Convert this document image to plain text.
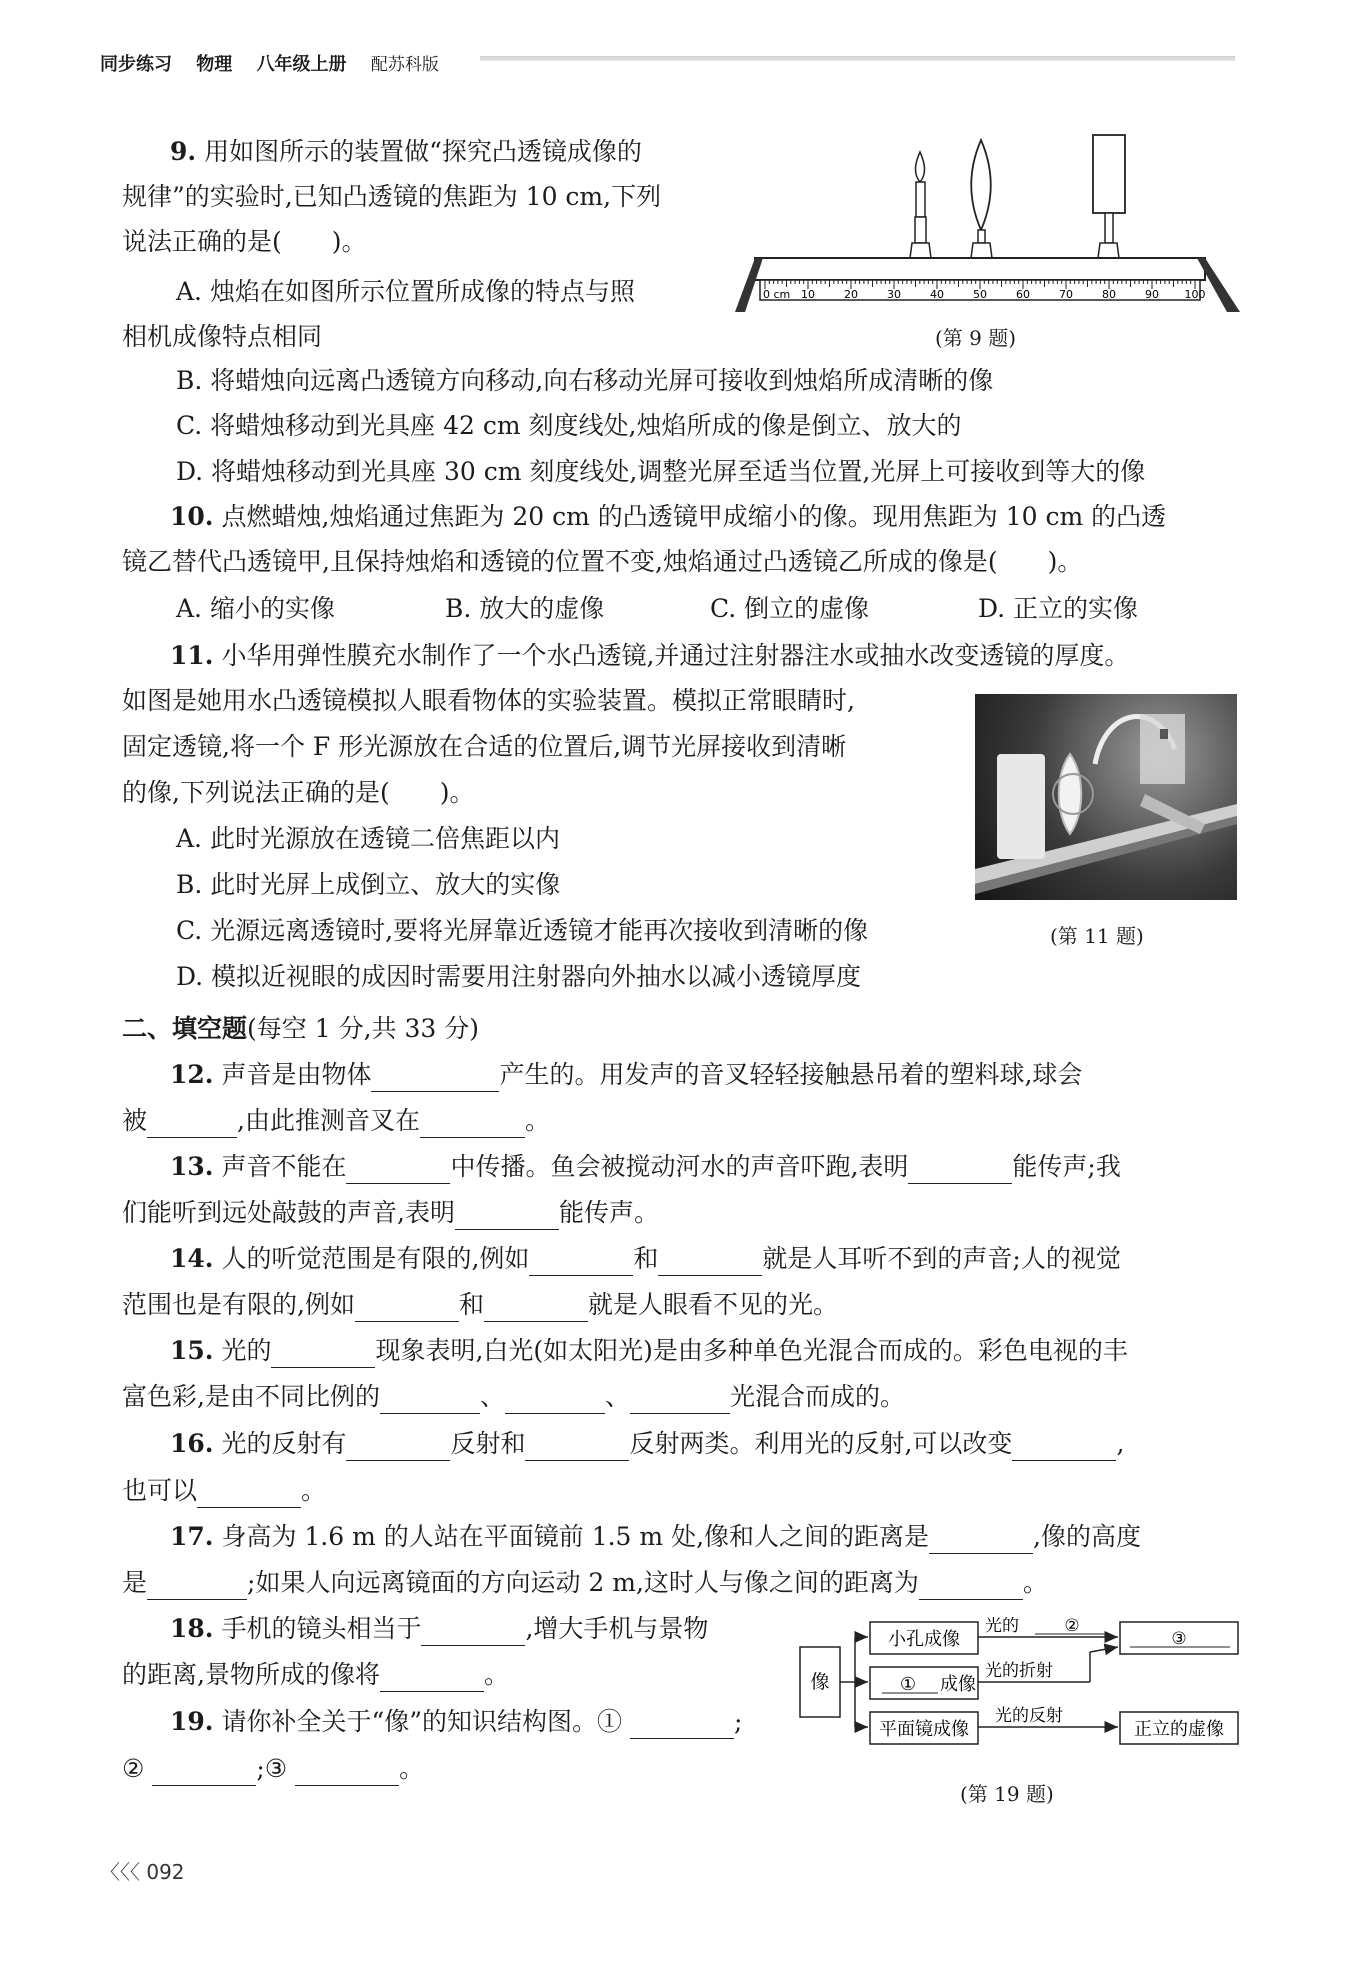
同步练习 物理 八年级上册 配苏科版
9. 用如图所示的装置做“探究凸透镜成像的
规律”的实验时,已知凸透镜的焦距为 10 cm,下列
说法正确的是(　　)。
A. 烛焰在如图所示位置所成像的特点与照
相机成像特点相同
B. 将蜡烛向远离凸透镜方向移动,向右移动光屏可接收到烛焰所成清晰的像
C. 将蜡烛移动到光具座 42 cm 刻度线处,烛焰所成的像是倒立、放大的
D. 将蜡烛移动到光具座 30 cm 刻度线处,调整光屏至适当位置,光屏上可接收到等大的像
0 cm 10	20	30	40	50	60	70	80	90 100
(第 9 题)
10. 点燃蜡烛,烛焰通过焦距为 20 cm 的凸透镜甲成缩小的像。现用焦距为 10 cm 的凸透
镜乙替代凸透镜甲,且保持烛焰和透镜的位置不变,烛焰通过凸透镜乙所成的像是(　　)。
A. 缩小的实像	B. 放大的虚像	C. 倒立的虚像	D. 正立的实像
11. 小华用弹性膜充水制作了一个水凸透镜,并通过注射器注水或抽水改变透镜的厚度。
如图是她用水凸透镜模拟人眼看物体的实验装置。模拟正常眼睛时,
固定透镜,将一个 F 形光源放在合适的位置后,调节光屏接收到清晰
的像,下列说法正确的是(　　)。
A. 此时光源放在透镜二倍焦距以内
B. 此时光屏上成倒立、放大的实像
C. 光源远离透镜时,要将光屏靠近透镜才能再次接收到清晰的像
D. 模拟近视眼的成因时需要用注射器向外抽水以减小透镜厚度
(第 11 题)
二、填空题(每空 1 分,共 33 分)
12. 声音是由物体	产生的。用发声的音叉轻轻接触悬吊着的塑料球,球会
被	,由此推测音叉在	。
13. 声音不能在	中传播。鱼会被搅动河水的声音吓跑,表明	能传声;我
们能听到远处敲鼓的声音,表明	能传声。
14. 人的听觉范围是有限的,例如	和	就是人耳听不到的声音;人的视觉
范围也是有限的,例如	和	就是人眼看不见的光。
15. 光的	现象表明,白光(如太阳光)是由多种单色光混合而成的。彩色电视的丰
富色彩,是由不同比例的	、	、	光混合而成的。
16. 光的反射有	反射和	反射两类。利用光的反射,可以改变	,
也可以	。
17. 身高为 1.6 m 的人站在平面镜前 1.5 m 处,像和人之间的距离是	,像的高度
是	;如果人向远离镜面的方向运动 2 m,这时人与像之间的距离为	。
18. 手机的镜头相当于	,增大手机与景物
的距离,景物所成的像将	。
19. 请你补全关于“像”的知识结构图。①	;
②	;③	。
像
小孔成像
① 成像
平面镜成像
光的	②
光的折射
光的反射
③
正立的虚像
(第 19 题)
〈〈〈 092
